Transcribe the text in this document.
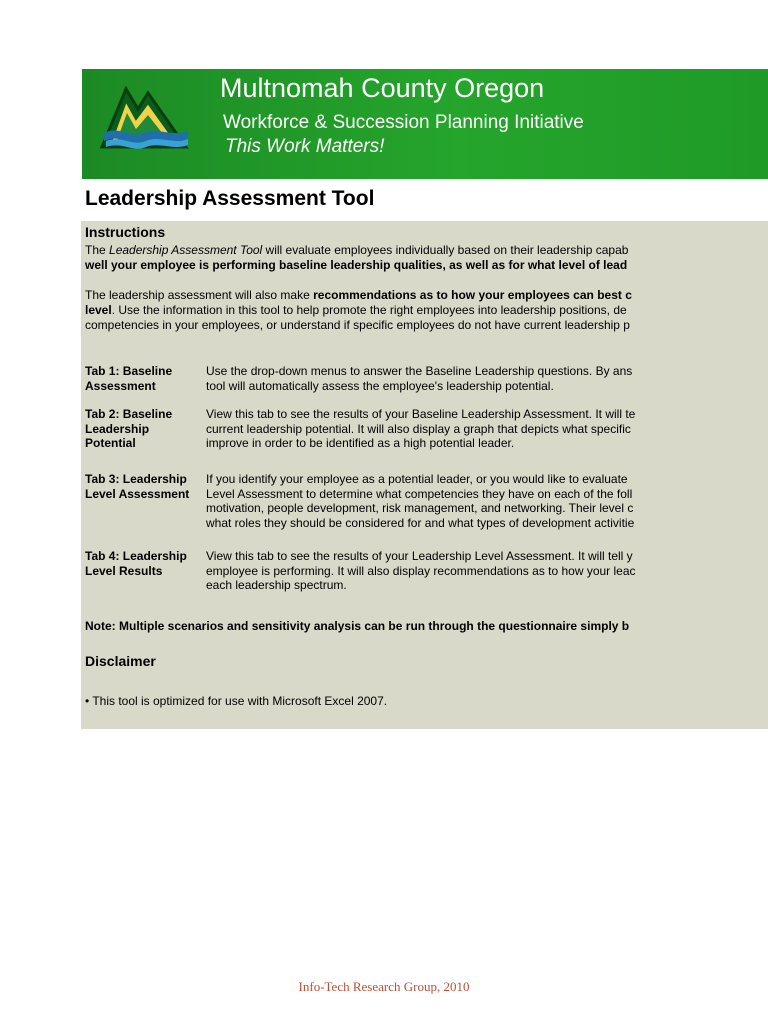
Multnomah County Oregon
Workforce & Succession Planning Initiative
This Work Matters!
Leadership Assessment Tool
Instructions
The Leadership Assessment Tool will evaluate employees individually based on their leadership capab
well your employee is performing baseline leadership qualities, as well as for what level of lead
The leadership assessment will also make recommendations as to how your employees can best c
level. Use the information in this tool to help promote the right employees into leadership positions, de
competencies in your employees, or understand if specific employees do not have current leadership p
Tab 1: Baseline
Assessment
Use the drop-down menus to answer the Baseline Leadership questions. By ans
tool will automatically assess the employee's leadership potential.
Tab 2: Baseline
Leadership
Potential
View this tab to see the results of your Baseline Leadership Assessment. It will te
current leadership potential. It will also display a graph that depicts what specific
improve in order to be identified as a high potential leader.
Tab 3: Leadership
Level Assessment
If you identify your employee as a potential leader, or you would like to evaluate
Level Assessment to determine what competencies they have on each of the foll
motivation, people development, risk management, and networking. Their level c
what roles they should be considered for and what types of development activitie
Tab 4: Leadership
Level Results
View this tab to see the results of your Leadership Level Assessment. It will tell y
employee is performing. It will also display recommendations as to how your leac
each leadership spectrum.
Note: Multiple scenarios and sensitivity analysis can be run through the questionnaire simply b
Disclaimer
• This tool is optimized for use with Microsoft Excel 2007.
Info-Tech Research Group, 2010
